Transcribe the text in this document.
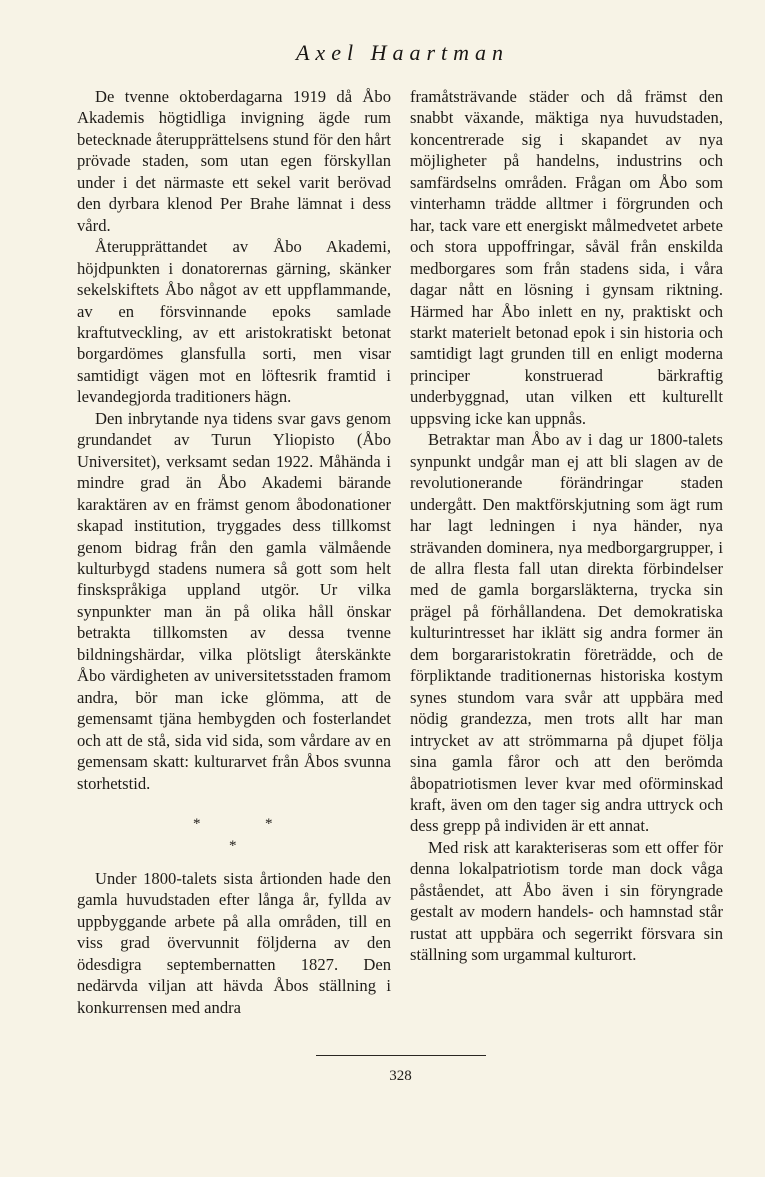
Axel Haartman

De tvenne oktoberdagarna 1919 då Åbo Akademis högtidliga invigning ägde rum betecknade återupprättelsens stund för den hårt prövade staden, som utan egen förskyllan under i det närmaste ett sekel varit berövad den dyrbara klenod Per Brahe lämnat i dess vård.

Återupprättandet av Åbo Akademi, höjdpunkten i donatorernas gärning, skänker sekelskiftets Åbo något av ett uppflammande, av en försvinnande epoks samlade kraftutveckling, av ett aristokratiskt betonat borgardömes glansfulla sorti, men visar samtidigt vägen mot en löftesrik framtid i levandegjorda traditioners hägn.

Den inbrytande nya tidens svar gavs genom grundandet av Turun Yliopisto (Åbo Universitet), verksamt sedan 1922. Måhända i mindre grad än Åbo Akademi bärande karaktären av en främst genom åbodonationer skapad institution, tryggades dess tillkomst genom bidrag från den gamla välmående kulturbygd stadens numera så gott som helt finskspråkiga uppland utgör. Ur vilka synpunkter man än på olika håll önskar betrakta tillkomsten av dessa tvenne bildningshärdar, vilka plötsligt återskänkte Åbo värdigheten av universitetsstaden framom andra, bör man icke glömma, att de gemensamt tjäna hembygden och fosterlandet och att de stå, sida vid sida, som vårdare av en gemensam skatt: kulturarvet från Åbos svunna storhetstid.

*	*
*

Under 1800-talets sista årtionden hade den gamla huvudstaden efter långa år, fyllda av uppbyggande arbete på alla områden, till en viss grad övervunnit följderna av den ödesdigra septembernatten 1827. Den nedärvda viljan att hävda Åbos ställning i konkurrensen med andra

framåtsträvande städer och då främst den snabbt växande, mäktiga nya huvudstaden, koncentrerade sig i skapandet av nya möjligheter på handelns, industrins och samfärdselns områden. Frågan om Åbo som vinterhamn trädde alltmer i förgrunden och har, tack vare ett energiskt målmedvetet arbete och stora uppoffringar, såväl från enskilda medborgares som från stadens sida, i våra dagar nått en lösning i gynsam riktning. Härmed har Åbo inlett en ny, praktiskt och starkt materielt betonad epok i sin historia och samtidigt lagt grunden till en enligt moderna principer konstruerad bärkraftig underbyggnad, utan vilken ett kulturellt uppsving icke kan uppnås.

Betraktar man Åbo av i dag ur 1800-talets synpunkt undgår man ej att bli slagen av de revolutionerande förändringar staden undergått. Den maktförskjutning som ägt rum har lagt ledningen i nya händer, nya strävanden dominera, nya medborgargrupper, i de allra flesta fall utan direkta förbindelser med de gamla borgarsläkterna, trycka sin prägel på förhållandena. Det demokratiska kulturintresset har iklätt sig andra former än dem borgararistokratin företrädde, och de förpliktande traditionernas historiska kostym synes stundom vara svår att uppbära med nödig grandezza, men trots allt har man intrycket av att strömmarna på djupet följa sina gamla fåror och att den berömda åbopatriotismen lever kvar med oförminskad kraft, även om den tager sig andra uttryck och dess grepp på individen är ett annat.

Med risk att karakteriseras som ett offer för denna lokalpatriotism torde man dock våga påståendet, att Åbo även i sin föryngrade gestalt av modern handels- och hamnstad står rustat att uppbära och segerrikt försvara sin ställning som urgammal kulturort.

328
